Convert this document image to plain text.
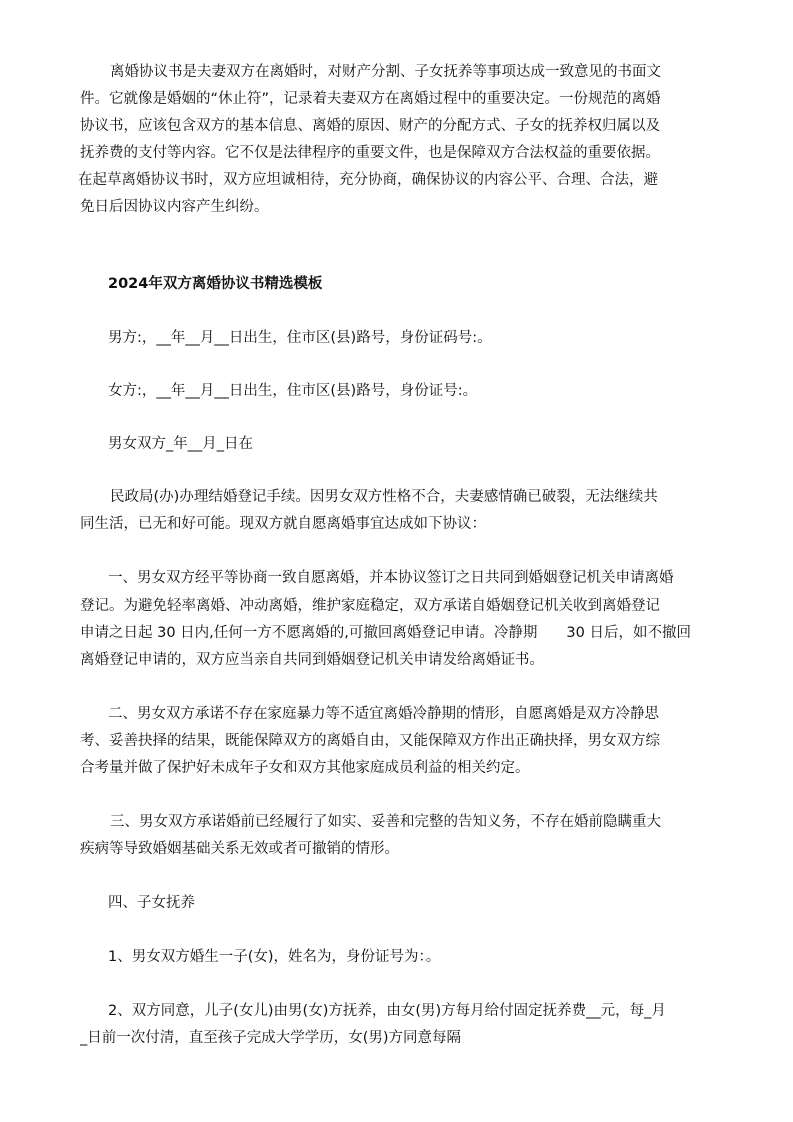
离婚协议书是夫妻双方在离婚时，对财产分割、子女抚养等事项达成一致意见的书面文

件。它就像是婚姻的“休止符”，记录着夫妻双方在离婚过程中的重要决定。一份规范的离婚

协议书，应该包含双方的基本信息、离婚的原因、财产的分配方式、子女的抚养权归属以及

抚养费的支付等内容。它不仅是法律程序的重要文件，也是保障双方合法权益的重要依据。

在起草离婚协议书时，双方应坦诚相待，充分协商，确保协议的内容公平、合理、合法，避

免日后因协议内容产生纠纷。

2024年双方离婚协议书精选模板

男方:，__年__月__日出生，住市区(县)路号，身份证码号:。

女方:，__年__月__日出生，住市区(县)路号，身份证号:。

男女双方_年__月_日在

民政局(办)办理结婚登记手续。因男女双方性格不合，夫妻感情确已破裂，无法继续共

同生活，已无和好可能。现双方就自愿离婚事宜达成如下协议：

一、男女双方经平等协商一致自愿离婚，并本协议签订之日共同到婚姻登记机关申请离婚

登记。为避免轻率离婚、冲动离婚，维护家庭稳定，双方承诺自婚姻登记机关收到离婚登记

申请之日起 30 日内,任何一方不愿离婚的,可撤回离婚登记申请。冷静期　　30 日后，如不撤回

离婚登记申请的，双方应当亲自共同到婚姻登记机关申请发给离婚证书。

二、男女双方承诺不存在家庭暴力等不适宜离婚冷静期的情形，自愿离婚是双方冷静思

考、妥善抉择的结果，既能保障双方的离婚自由，又能保障双方作出正确抉择，男女双方综

合考量并做了保护好未成年子女和双方其他家庭成员利益的相关约定。

三、男女双方承诺婚前已经履行了如实、妥善和完整的告知义务，不存在婚前隐瞒重大

疾病等导致婚姻基础关系无效或者可撤销的情形。

四、子女抚养

1、男女双方婚生一子(女)，姓名为，身份证号为：。

2、双方同意，儿子(女儿)由男(女)方抚养，由女(男)方每月给付固定抚养费__元，每_月

_日前一次付清，直至孩子完成大学学历，女(男)方同意每隔
